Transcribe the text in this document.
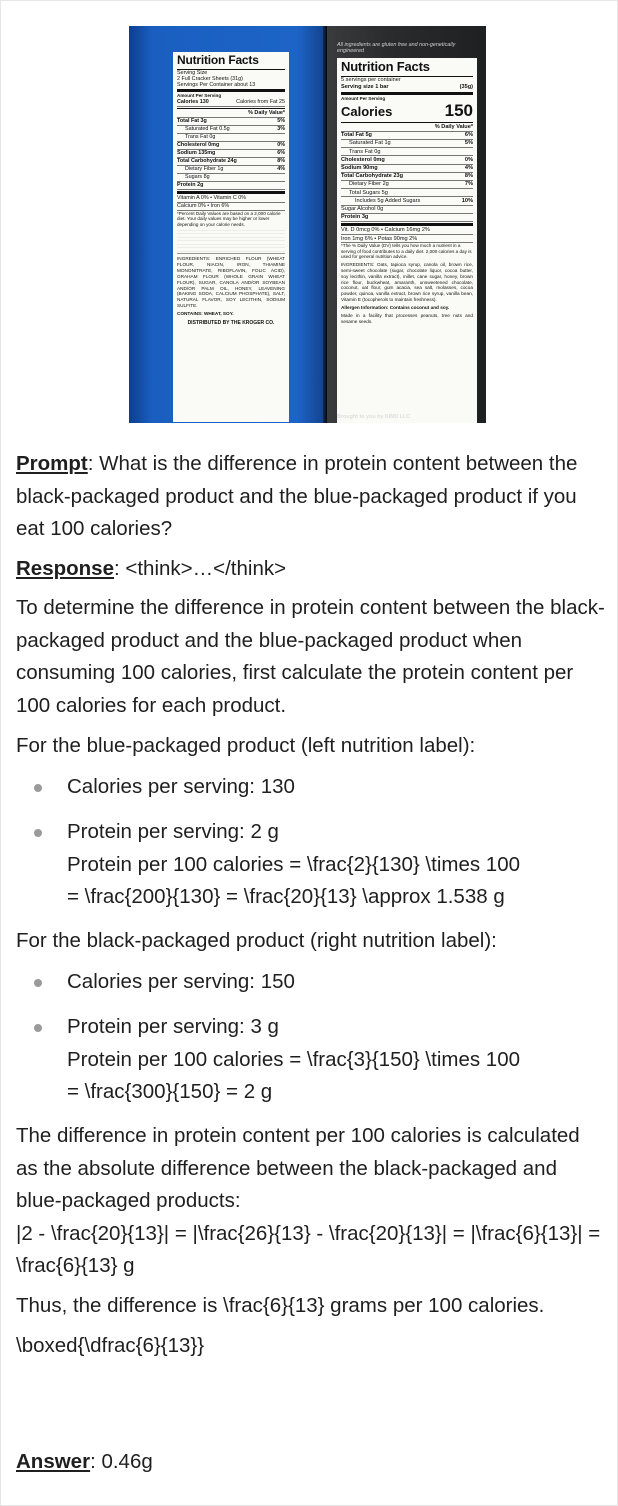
Nutrition Facts
Serving Size
2 Full Cracker Sheets (31g)
Servings Per Container about 13
Amount Per Serving
Calories 130	Calories from Fat 25
% Daily Value*
Total Fat 3g	5%
Saturated Fat 0.5g	3%
Trans Fat 0g
Cholesterol 0mg	0%
Sodium 135mg	6%
Total Carbohydrate 24g	8%
Dietary Fiber 1g	4%
Sugars 8g
Protein 2g
Vitamin A 0% • Vitamin C 0%
Calcium 0% • Iron 6%
*Percent Daily Values are based on a 2,000 calorie diet. Your daily values may be higher or lower depending on your calorie needs.
INGREDIENTS: ENRICHED FLOUR (WHEAT FLOUR, NIACIN, IRON, THIAMINE MONONITRATE, RIBOFLAVIN, FOLIC ACID), GRAHAM FLOUR (WHOLE GRAIN WHEAT FLOUR), SUGAR, CANOLA AND/OR SOYBEAN AND/OR PALM OIL, HONEY, LEAVENING (BAKING SODA, CALCIUM PHOSPHATE), SALT, NATURAL FLAVOR, SOY LECITHIN, SODIUM SULFITE.
CONTAINS: WHEAT, SOY.
DISTRIBUTED BY THE KROGER CO.
All ingredients are gluten free and non-genetically engineered
Nutrition Facts
5 servings per container
Serving size 1 bar	(35g)
Amount Per Serving
Calories	150
% Daily Value*
Total Fat 5g	6%
Saturated Fat 1g	5%
Trans Fat 0g
Cholesterol 0mg	0%
Sodium 90mg	4%
Total Carbohydrate 23g	8%
Dietary Fiber 2g	7%
Total Sugars 5g
Includes 5g Added Sugars	10%
Sugar Alcohol 0g
Protein 3g
Vit. D 0mcg 0% • Calcium 16mg 2%
Iron 1mg 6% • Potas 90mg 2%
*The % Daily Value (DV) tells you how much a nutrient in a serving of food contributes to a daily diet. 2,000 calories a day is used for general nutrition advice.
INGREDIENTS: Oats, tapioca syrup, canola oil, brown rice, semi-sweet chocolate (sugar, chocolate liquor, cocoa butter, soy lecithin, vanilla extract), millet, cane sugar, honey, brown rice flour, buckwheat, amaranth, unsweetened chocolate, coconut, oat flour, gum acacia, sea salt, molasses, cocoa powder, quinoa, vanilla extract, brown rice syrup, vanilla bean, Vitamin E (tocopherols to maintain freshness).
Allergen Information: Contains coconut and soy.
Made in a facility that processes peanuts, tree nuts and sesame seeds.
Brought to you by KIND LLC

Prompt: What is the difference in protein content between the black-packaged product and the blue-packaged product if you eat 100 calories?

Response: <think>…</think>

To determine the difference in protein content between the black-packaged product and the blue-packaged product when consuming 100 calories, first calculate the protein content per 100 calories for each product.

For the blue-packaged product (left nutrition label):

Calories per serving: 130
Protein per serving: 2 g
Protein per 100 calories = \frac{2}{130} \times 100
= \frac{200}{130} = \frac{20}{13} \approx 1.538 g

For the black-packaged product (right nutrition label):

Calories per serving: 150
Protein per serving: 3 g
Protein per 100 calories = \frac{3}{150} \times 100
= \frac{300}{150} = 2 g

The difference in protein content per 100 calories is calculated as the absolute difference between the black-packaged and blue-packaged products:

|2 - \frac{20}{13}| = |\frac{26}{13} - \frac{20}{13}| = |\frac{6}{13}| = \frac{6}{13} g

Thus, the difference is \frac{6}{13} grams per 100 calories.

\boxed{\dfrac{6}{13}}

Answer: 0.46g
